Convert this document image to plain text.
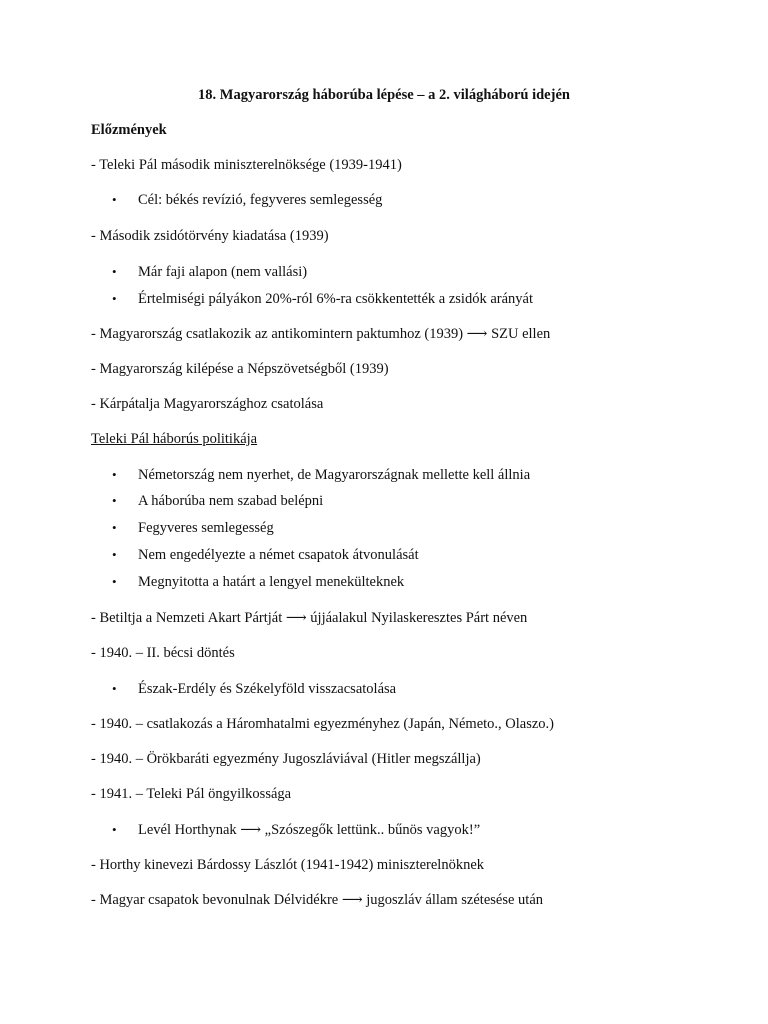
18. Magyarország háborúba lépése – a 2. világháború idején
Előzmények
- Teleki Pál második miniszterelnöksége (1939-1941)
• Cél: békés revízió, fegyveres semlegesség
- Második zsidótörvény kiadatása (1939)
• Már faji alapon (nem vallási)
• Értelmiségi pályákon 20%-ról 6%-ra csökkentették a zsidók arányát
- Magyarország csatlakozik az antikomintern paktumhoz (1939) ⟶ SZU ellen
- Magyarország kilépése a Népszövetségből (1939)
- Kárpátalja Magyarországhoz csatolása
Teleki Pál háborús politikája
• Németország nem nyerhet, de Magyarországnak mellette kell állnia
• A háborúba nem szabad belépni
• Fegyveres semlegesség
• Nem engedélyezte a német csapatok átvonulását
• Megnyitotta a határt a lengyel menekülteknek
- Betiltja a Nemzeti Akart Pártját ⟶ újjáalakul Nyilaskeresztes Párt néven
- 1940. – II. bécsi döntés
• Észak-Erdély és Székelyföld visszacsatolása
- 1940. – csatlakozás a Háromhatalmi egyezményhez (Japán, Németo., Olaszo.)
- 1940. – Örökbaráti egyezmény Jugoszláviával (Hitler megszállja)
- 1941. – Teleki Pál öngyilkossága
• Levél Horthynak ⟶ „Szószegők lettünk.. bűnös vagyok!”
- Horthy kinevezi Bárdossy Lászlót (1941-1942) miniszterelnöknek
- Magyar csapatok bevonulnak Délvidékre ⟶ jugoszláv állam szétesése után
